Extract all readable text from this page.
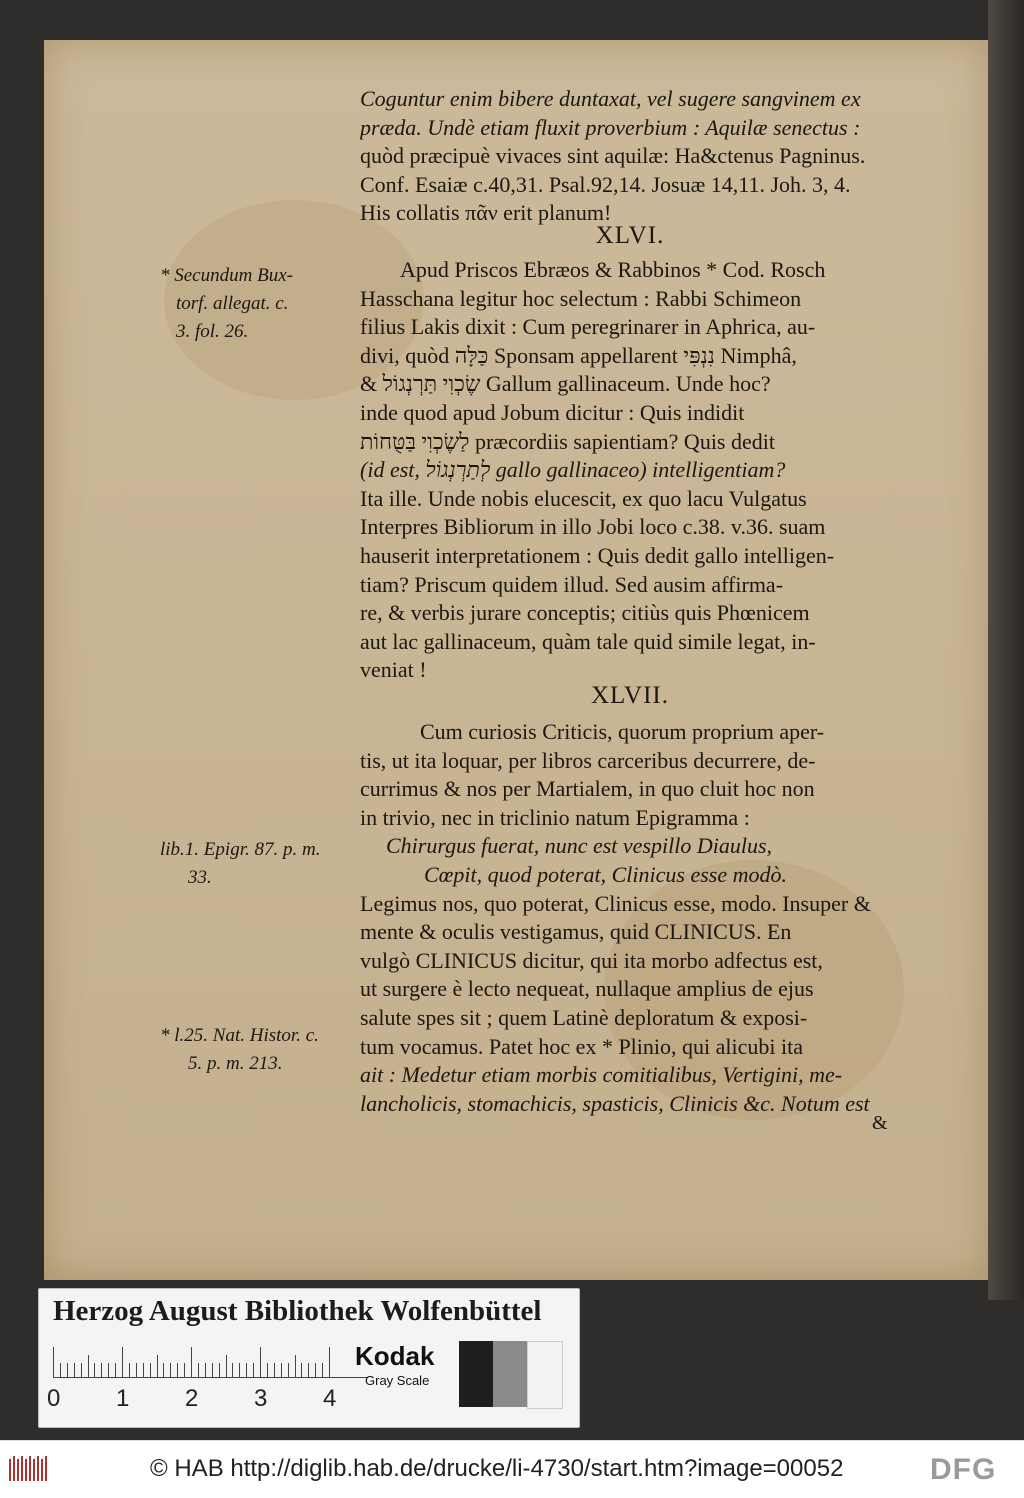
Coguntur enim bibere duntaxat, vel sugere sangvinem ex
præda. Undè etiam fluxit proverbium : Aquilæ senectus :
quòd præcipuè vivaces sint aquilæ: Ha&ctenus Pagninus.
Conf. Esaiæ c.40,31. Psal.92,14. Josuæ 14,11. Joh. 3, 4.
His collatis πᾶν erit planum!
XLVI.
Apud Priscos Ebræos & Rabbinos * Cod. Rosch
Hasschana legitur hoc selectum : Rabbi Schimeon
filius Lakis dixit : Cum peregrinarer in Aphrica, au-
divi, quòd כַּלָּה Sponsam appellarent נִנְפִּי Nimphâ,
& שֶׂכְוִי תַּרְנְגוֹל Gallum gallinaceum. Unde hoc?
inde quod apud Jobum dicitur : Quis indidit
לַשֶׂכְוִי בַּטֻּחוֹת præcordiis sapientiam? Quis dedit
(id est, לְתַרְנְגוֹל gallo gallinaceo) intelligentiam?
Ita ille. Unde nobis elucescit, ex quo lacu Vulgatus
Interpres Bibliorum in illo Jobi loco c.38. v.36. suam
hauserit interpretationem : Quis dedit gallo intelligen-
tiam? Priscum quidem illud. Sed ausim affirma-
re, & verbis jurare conceptis; citiùs quis Phœnicem
aut lac gallinaceum, quàm tale quid simile legat, in-
veniat !
XLVII.
Cum curiosis Criticis, quorum proprium aper-
tis, ut ita loquar, per libros carceribus decurrere, de-
currimus & nos per Martialem, in quo cluit hoc non
in trivio, nec in triclinio natum Epigramma :
Chirurgus fuerat, nunc est vespillo Diaulus,
Cœpit, quod poterat, Clinicus esse modò.
Legimus nos, quo poterat, Clinicus esse, modo. Insuper &
mente & oculis vestigamus, quid CLINICUS. En
vulgò CLINICUS dicitur, qui ita morbo adfectus est,
ut surgere è lecto nequeat, nullaque amplius de ejus
salute spes sit ; quem Latinè deploratum & exposi-
tum vocamus. Patet hoc ex * Plinio, qui alicubi ita
ait : Medetur etiam morbis comitialibus, Vertigini, me-
lancholicis, stomachicis, spasticis, Clinicis &c. Notum est
&
* Secundum Bux-
torf. allegat. c.
3. fol. 26.
lib.1. Epigr. 87. p. m.
33.
* l.25. Nat. Histor. c.
5. p. m. 213.
Herzog August Bibliothek Wolfenbüttel
0 1 2 3 4
Kodak
Gray Scale
© HAB http://diglib.hab.de/drucke/li-4730/start.htm?image=00052	DFG
